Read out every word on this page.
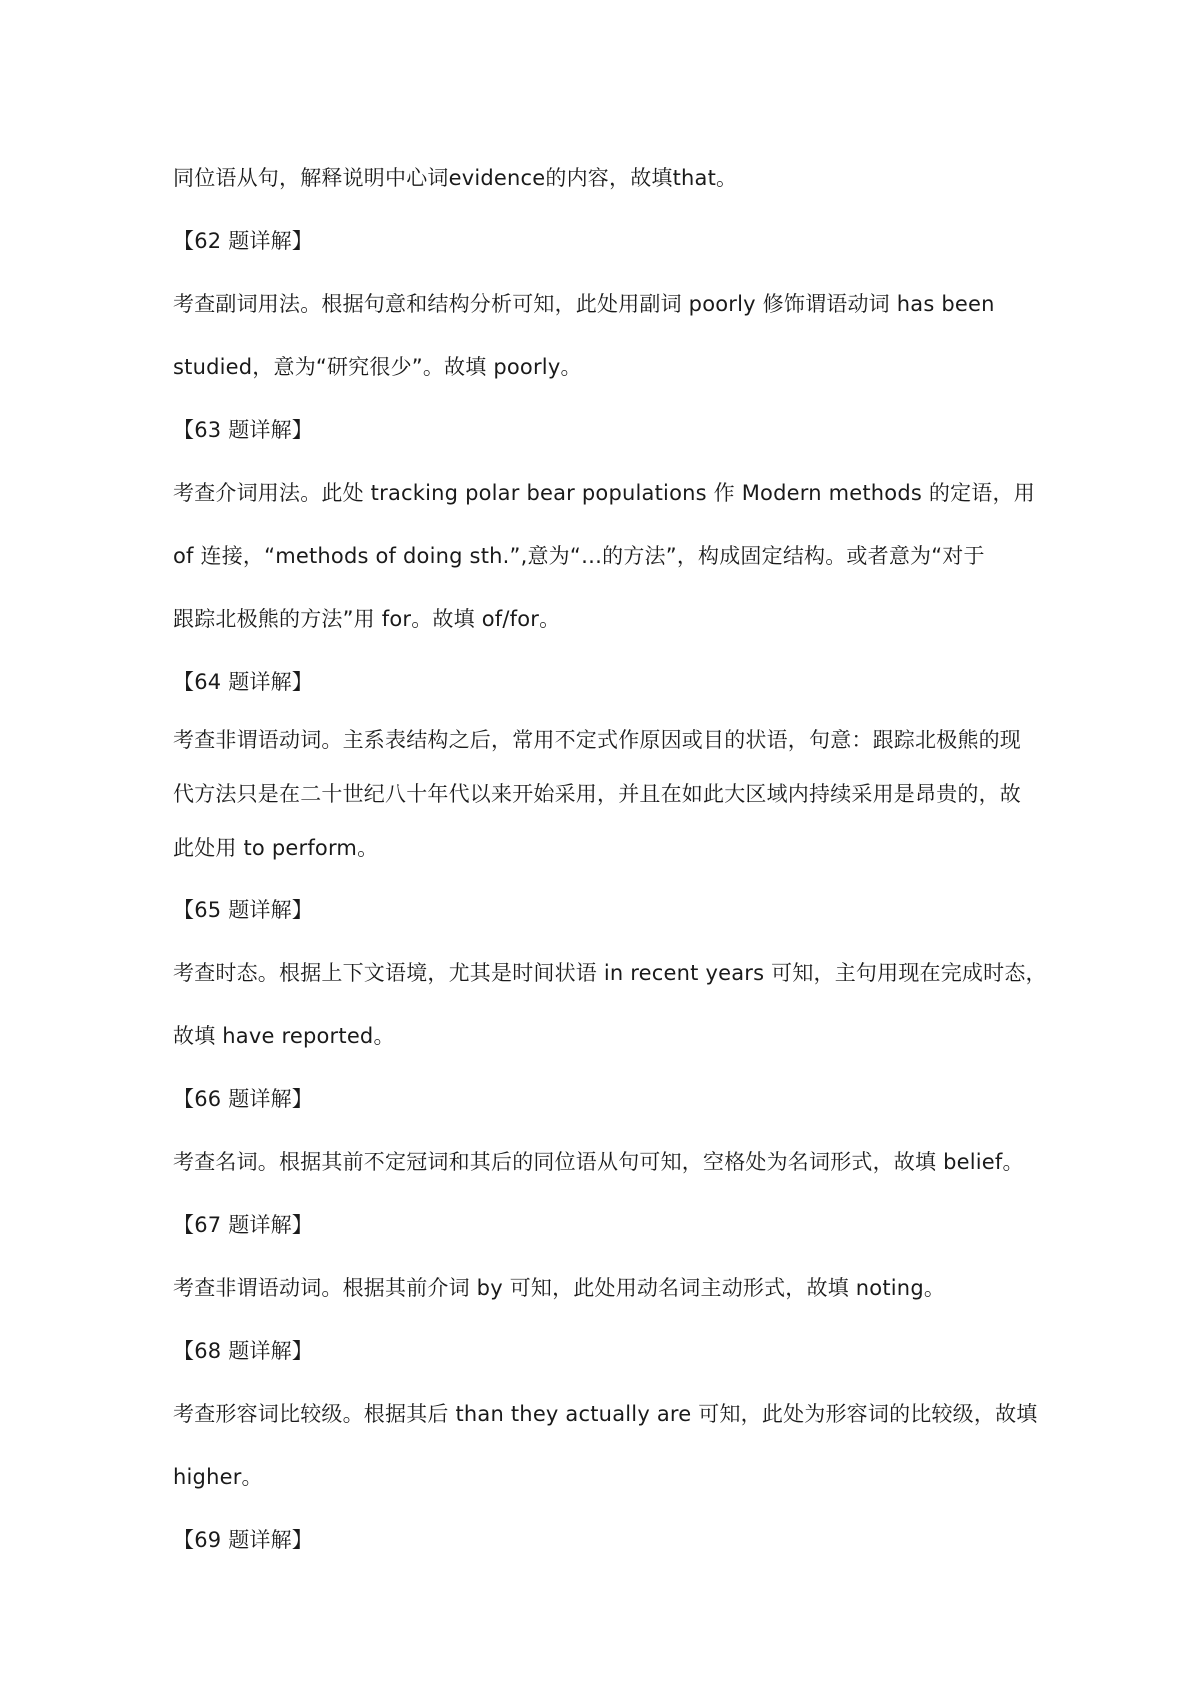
同位语从句，解释说明中心词evidence的内容，故填that。
【62 题详解】
考查副词用法。根据句意和结构分析可知，此处用副词 poorly 修饰谓语动词 has been
studied，意为“研究很少”。故填 poorly。
【63 题详解】
考查介词用法。此处 tracking polar bear populations 作 Modern methods 的定语，用
of 连接，“methods of doing sth.”,意为“…的方法”，构成固定结构。或者意为“对于
跟踪北极熊的方法”用 for。故填 of/for。
【64 题详解】
考查非谓语动词。主系表结构之后，常用不定式作原因或目的状语，句意：跟踪北极熊的现
代方法只是在二十世纪八十年代以来开始采用，并且在如此大区域内持续采用是昂贵的，故
此处用 to perform。
【65 题详解】
考查时态。根据上下文语境，尤其是时间状语 in recent years 可知，主句用现在完成时态，
故填 have reported。
【66 题详解】
考查名词。根据其前不定冠词和其后的同位语从句可知，空格处为名词形式，故填 belief。
【67 题详解】
考查非谓语动词。根据其前介词 by 可知，此处用动名词主动形式，故填 noting。
【68 题详解】
考查形容词比较级。根据其后 than they actually are 可知，此处为形容词的比较级，故填
higher。
【69 题详解】
